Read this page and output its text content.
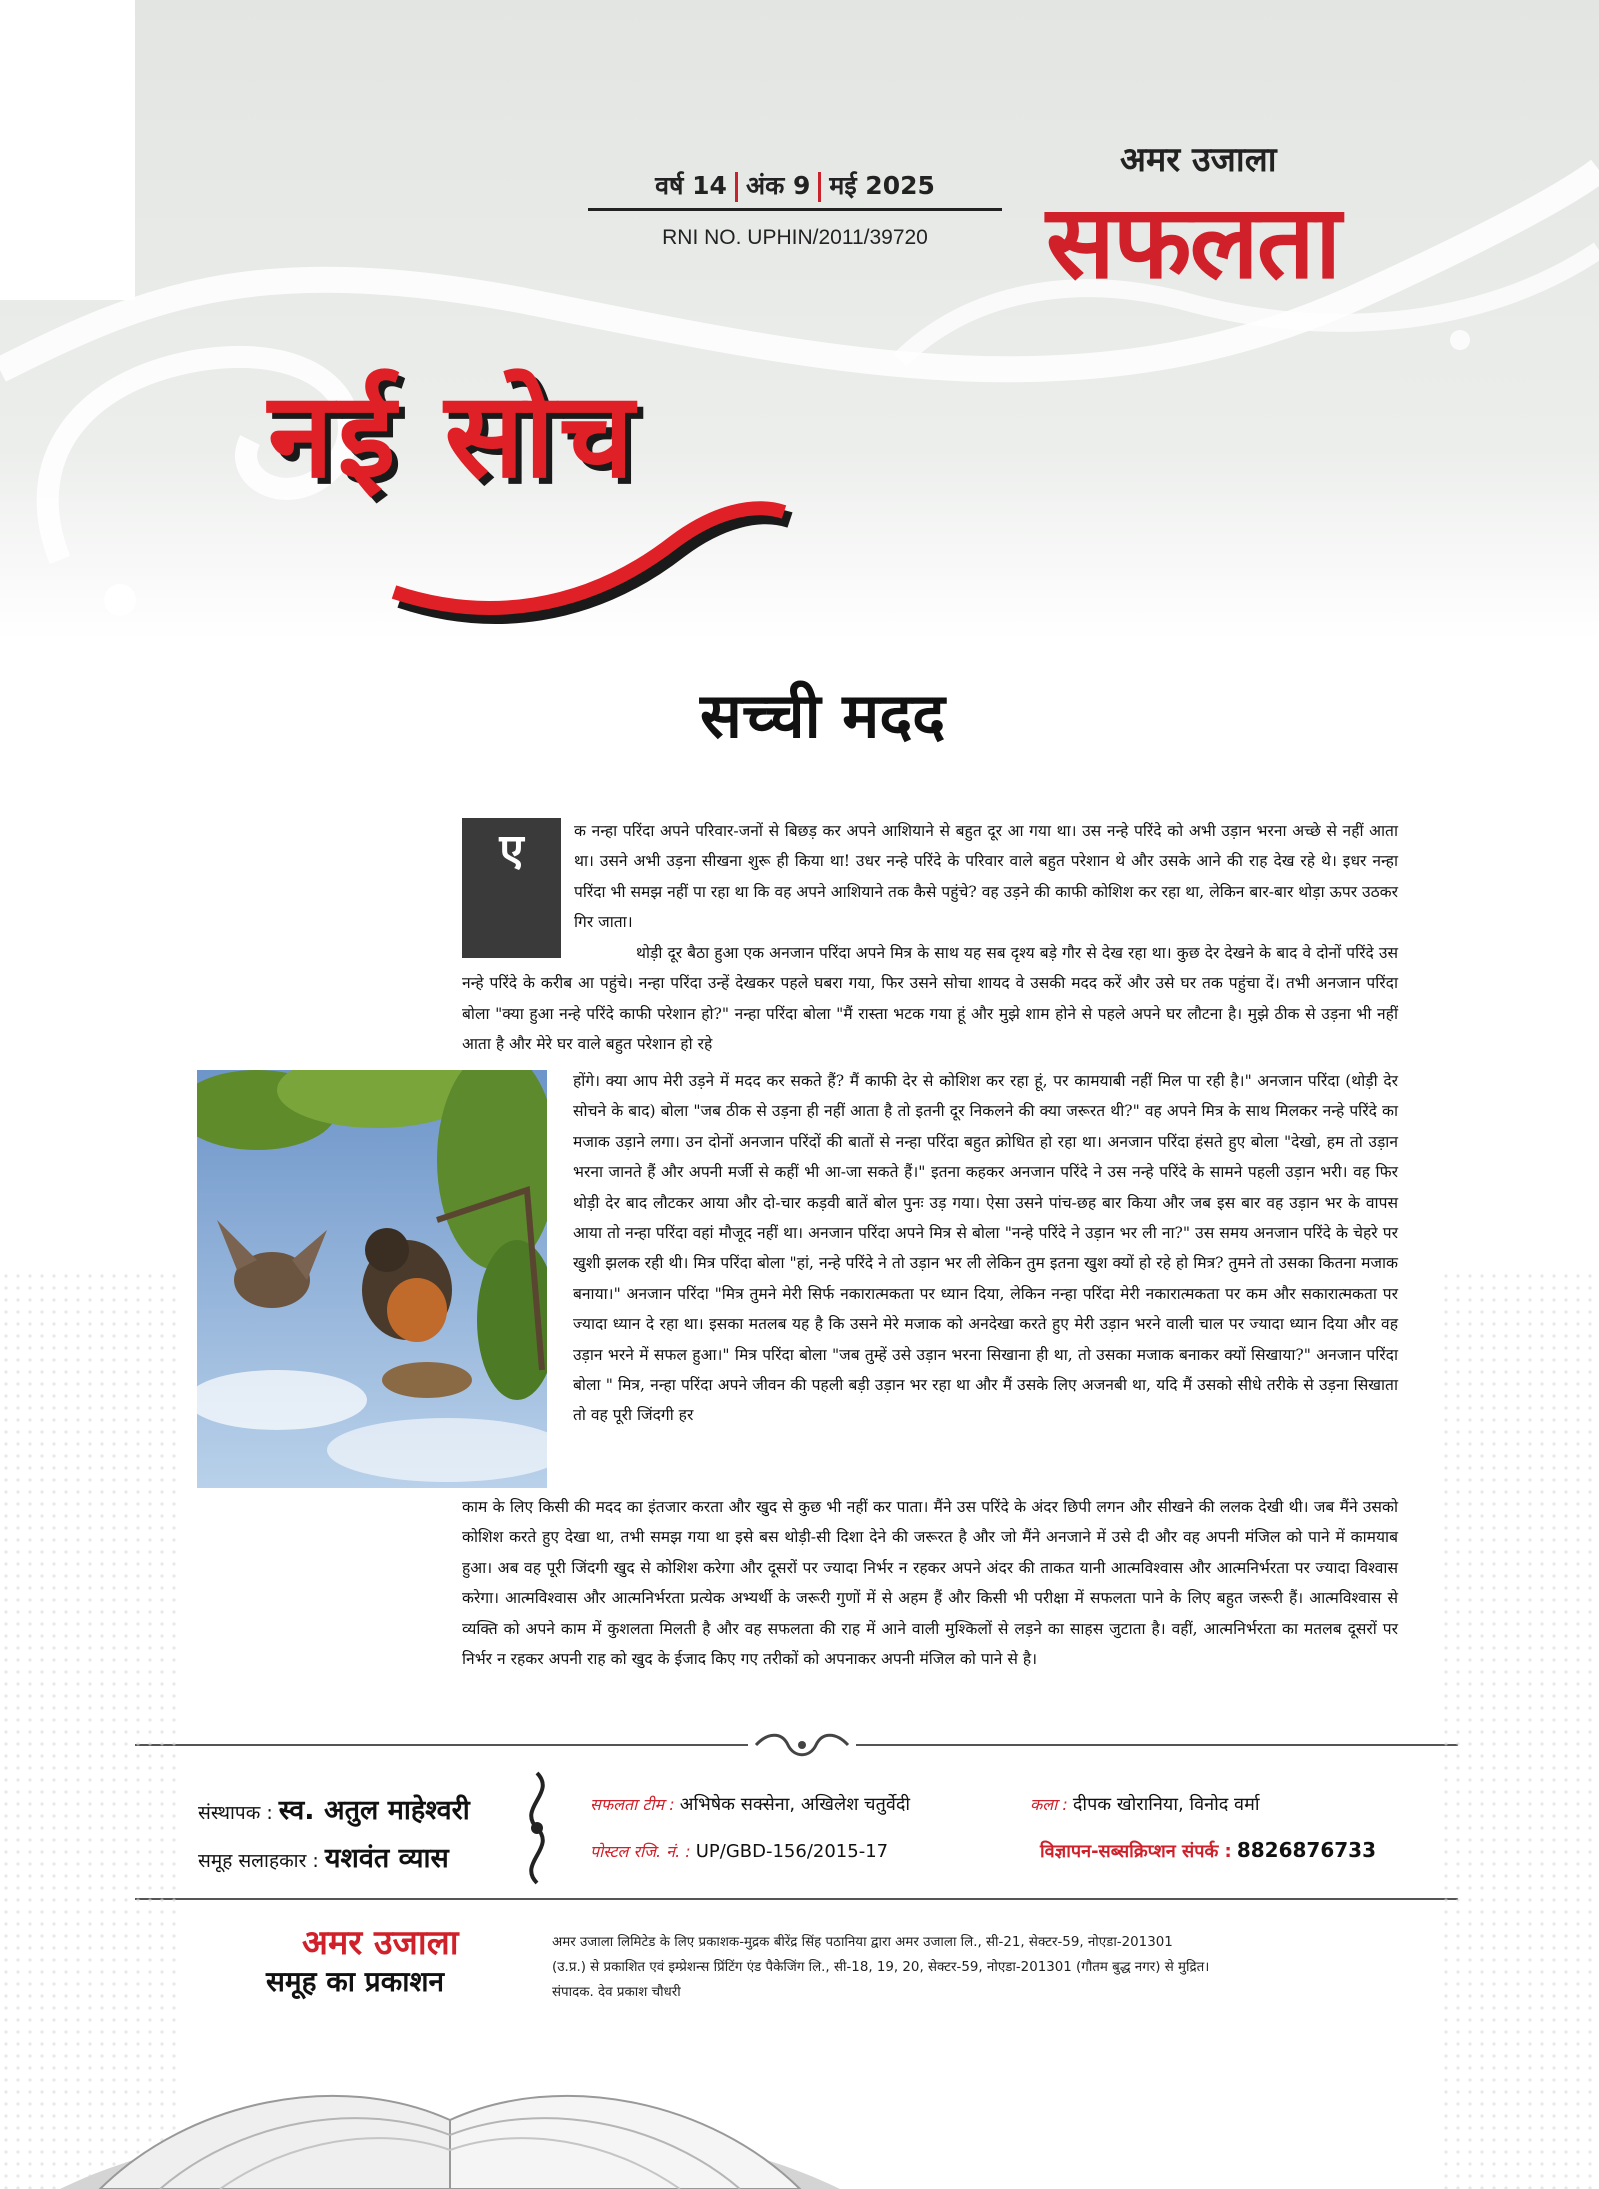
वर्ष 14 अंक 9 मई 2025
RNI NO. UPHIN/2011/39720
अमर उजाला
सफलता
नई सोच
सच्ची मदद
ए	क नन्हा परिंदा अपने परिवार-जनों से बिछड़ कर अपने आशियाने से बहुत दूर आ गया था। उस नन्हे परिंदे को अभी उड़ान भरना अच्छे से नहीं आता था। उसने अभी उड़ना सीखना शुरू ही किया था! उधर नन्हे परिंदे के परिवार वाले बहुत परेशान थे और उसके आने की राह देख रहे थे। इधर नन्हा परिंदा भी समझ नहीं पा रहा था कि वह अपने आशियाने तक कैसे पहुंचे? वह उड़ने की काफी कोशिश कर रहा था, लेकिन बार-बार थोड़ा ऊपर उठकर गिर जाता।

थोड़ी दूर बैठा हुआ एक अनजान परिंदा अपने मित्र के साथ यह सब दृश्य बड़े गौर से देख रहा था। कुछ देर देखने के बाद वे दोनों परिंदे उस नन्हे परिंदे के करीब आ पहुंचे। नन्हा परिंदा उन्हें देखकर पहले घबरा गया, फिर उसने सोचा शायद वे उसकी मदद करें और उसे घर तक पहुंचा दें। तभी अनजान परिंदा बोला "क्या हुआ नन्हे परिंदे काफी परेशान हो?" नन्हा परिंदा बोला "मैं रास्ता भटक गया हूं और मुझे शाम होने से पहले अपने घर लौटना है। मुझे ठीक से उड़ना भी नहीं आता है और मेरे घर वाले बहुत परेशान हो रहे

होंगे। क्या आप मेरी उड़ने में मदद कर सकते हैं? मैं काफी देर से कोशिश कर रहा हूं, पर कामयाबी नहीं मिल पा रही है।" अनजान परिंदा (थोड़ी देर सोचने के बाद) बोला "जब ठीक से उड़ना ही नहीं आता है तो इतनी दूर निकलने की क्या जरूरत थी?" वह अपने मित्र के साथ मिलकर नन्हे परिंदे का मजाक उड़ाने लगा। उन दोनों अनजान परिंदों की बातों से नन्हा परिंदा बहुत क्रोधित हो रहा था। अनजान परिंदा हंसते हुए बोला "देखो, हम तो उड़ान भरना जानते हैं और अपनी मर्जी से कहीं भी आ-जा सकते हैं।" इतना कहकर अनजान परिंदे ने उस नन्हे परिंदे के सामने पहली उड़ान भरी। वह फिर थोड़ी देर बाद लौटकर आया और दो-चार कड़वी बातें बोल पुनः उड़ गया। ऐसा उसने पांच-छह बार किया और जब इस बार वह उड़ान भर के वापस आया तो नन्हा परिंदा वहां मौजूद नहीं था। अनजान परिंदा अपने मित्र से बोला "नन्हे परिंदे ने उड़ान भर ली ना?" उस समय अनजान परिंदे के चेहरे पर खुशी झलक रही थी। मित्र परिंदा बोला "हां, नन्हे परिंदे ने तो उड़ान भर ली लेकिन तुम इतना खुश क्यों हो रहे हो मित्र? तुमने तो उसका कितना मजाक बनाया।" अनजान परिंदा "मित्र तुमने मेरी सिर्फ नकारात्मकता पर ध्यान दिया, लेकिन नन्हा परिंदा मेरी नकारात्मकता पर कम और सकारात्मकता पर ज्यादा ध्यान दे रहा था। इसका मतलब यह है कि उसने मेरे मजाक को अनदेखा करते हुए मेरी उड़ान भरने वाली चाल पर ज्यादा ध्यान दिया और वह उड़ान भरने में सफल हुआ।" मित्र परिंदा बोला "जब तुम्हें उसे उड़ान भरना सिखाना ही था, तो उसका मजाक बनाकर क्यों सिखाया?" अनजान परिंदा बोला " मित्र, नन्हा परिंदा अपने जीवन की पहली बड़ी उड़ान भर रहा था और मैं उसके लिए अजनबी था, यदि मैं उसको सीधे तरीके से उड़ना सिखाता तो वह पूरी जिंदगी हर

काम के लिए किसी की मदद का इंतजार करता और खुद से कुछ भी नहीं कर पाता। मैंने उस परिंदे के अंदर छिपी लगन और सीखने की ललक देखी थी। जब मैंने उसको कोशिश करते हुए देखा था, तभी समझ गया था इसे बस थोड़ी-सी दिशा देने की जरूरत है और जो मैंने अनजाने में उसे दी और वह अपनी मंजिल को पाने में कामयाब हुआ। अब वह पूरी जिंदगी खुद से कोशिश करेगा और दूसरों पर ज्यादा निर्भर न रहकर अपने अंदर की ताकत यानी आत्मविश्वास और आत्मनिर्भरता पर ज्यादा विश्वास करेगा। आत्मविश्वास और आत्मनिर्भरता प्रत्येक अभ्यर्थी के जरूरी गुणों में से अहम हैं और किसी भी परीक्षा में सफलता पाने के लिए बहुत जरूरी हैं। आत्मविश्वास से व्यक्ति को अपने काम में कुशलता मिलती है और वह सफलता की राह में आने वाली मुश्किलों से लड़ने का साहस जुटाता है। वहीं, आत्मनिर्भरता का मतलब दूसरों पर निर्भर न रहकर अपनी राह को खुद के ईजाद किए गए तरीकों को अपनाकर अपनी मंजिल को पाने से है।

संस्थापक : स्व. अतुल माहेश्वरी
समूह सलाहकार : यशवंत व्यास
सफलता टीम : अभिषेक सक्सेना, अखिलेश चतुर्वेदी
पोस्टल रजि. नं. : UP/GBD-156/2015-17
कला : दीपक खोरानिया, विनोद वर्मा
विज्ञापन-सब्सक्रिप्शन संपर्क : 8826876733
अमर उजाला
समूह का प्रकाशन
अमर उजाला लिमिटेड के लिए प्रकाशक-मुद्रक बीरेंद्र सिंह पठानिया द्वारा अमर उजाला लि., सी-21, सेक्टर-59, नोएडा-201301
(उ.प्र.) से प्रकाशित एवं इम्प्रेशन्स प्रिंटिंग एंड पैकेजिंग लि., सी-18, 19, 20, सेक्टर-59, नोएडा-201301 (गौतम बुद्ध नगर) से मुद्रित।
संपादक. देव प्रकाश चौधरी
